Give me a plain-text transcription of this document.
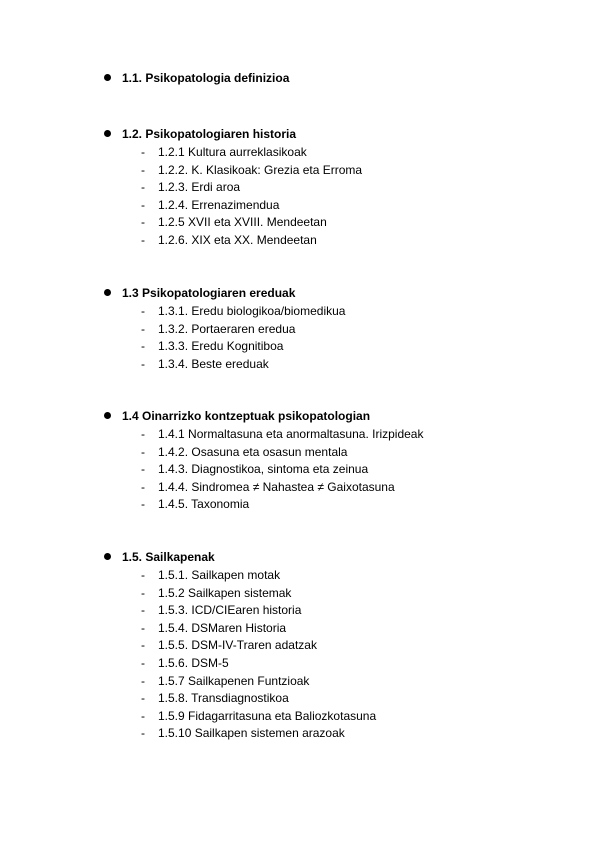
1.1. Psikopatologia definizioa
1.2. Psikopatologiaren historia
- 1.2.1 Kultura aurreklasikoak
- 1.2.2. K. Klasikoak: Grezia eta Erroma
- 1.2.3. Erdi aroa
- 1.2.4. Errenazimendua
- 1.2.5 XVII eta XVIII. Mendeetan
- 1.2.6. XIX eta XX. Mendeetan
1.3 Psikopatologiaren ereduak
- 1.3.1. Eredu biologikoa/biomedikua
- 1.3.2. Portaeraren eredua
- 1.3.3. Eredu Kognitiboa
- 1.3.4. Beste ereduak
1.4 Oinarrizko kontzeptuak psikopatologian
- 1.4.1 Normaltasuna eta anormaltasuna. Irizpideak
- 1.4.2. Osasuna eta osasun mentala
- 1.4.3. Diagnostikoa, sintoma eta zeinua
- 1.4.4. Sindromea ≠ Nahastea ≠ Gaixotasuna
- 1.4.5. Taxonomia
1.5. Sailkapenak
- 1.5.1. Sailkapen motak
- 1.5.2 Sailkapen sistemak
- 1.5.3. ICD/CIEaren historia
- 1.5.4. DSMaren Historia
- 1.5.5. DSM-IV-Traren adatzak
- 1.5.6. DSM-5
- 1.5.7 Sailkapenen Funtzioak
- 1.5.8. Transdiagnostikoa
- 1.5.9 Fidagarritasuna eta Baliozkotasuna
- 1.5.10 Sailkapen sistemen arazoak
